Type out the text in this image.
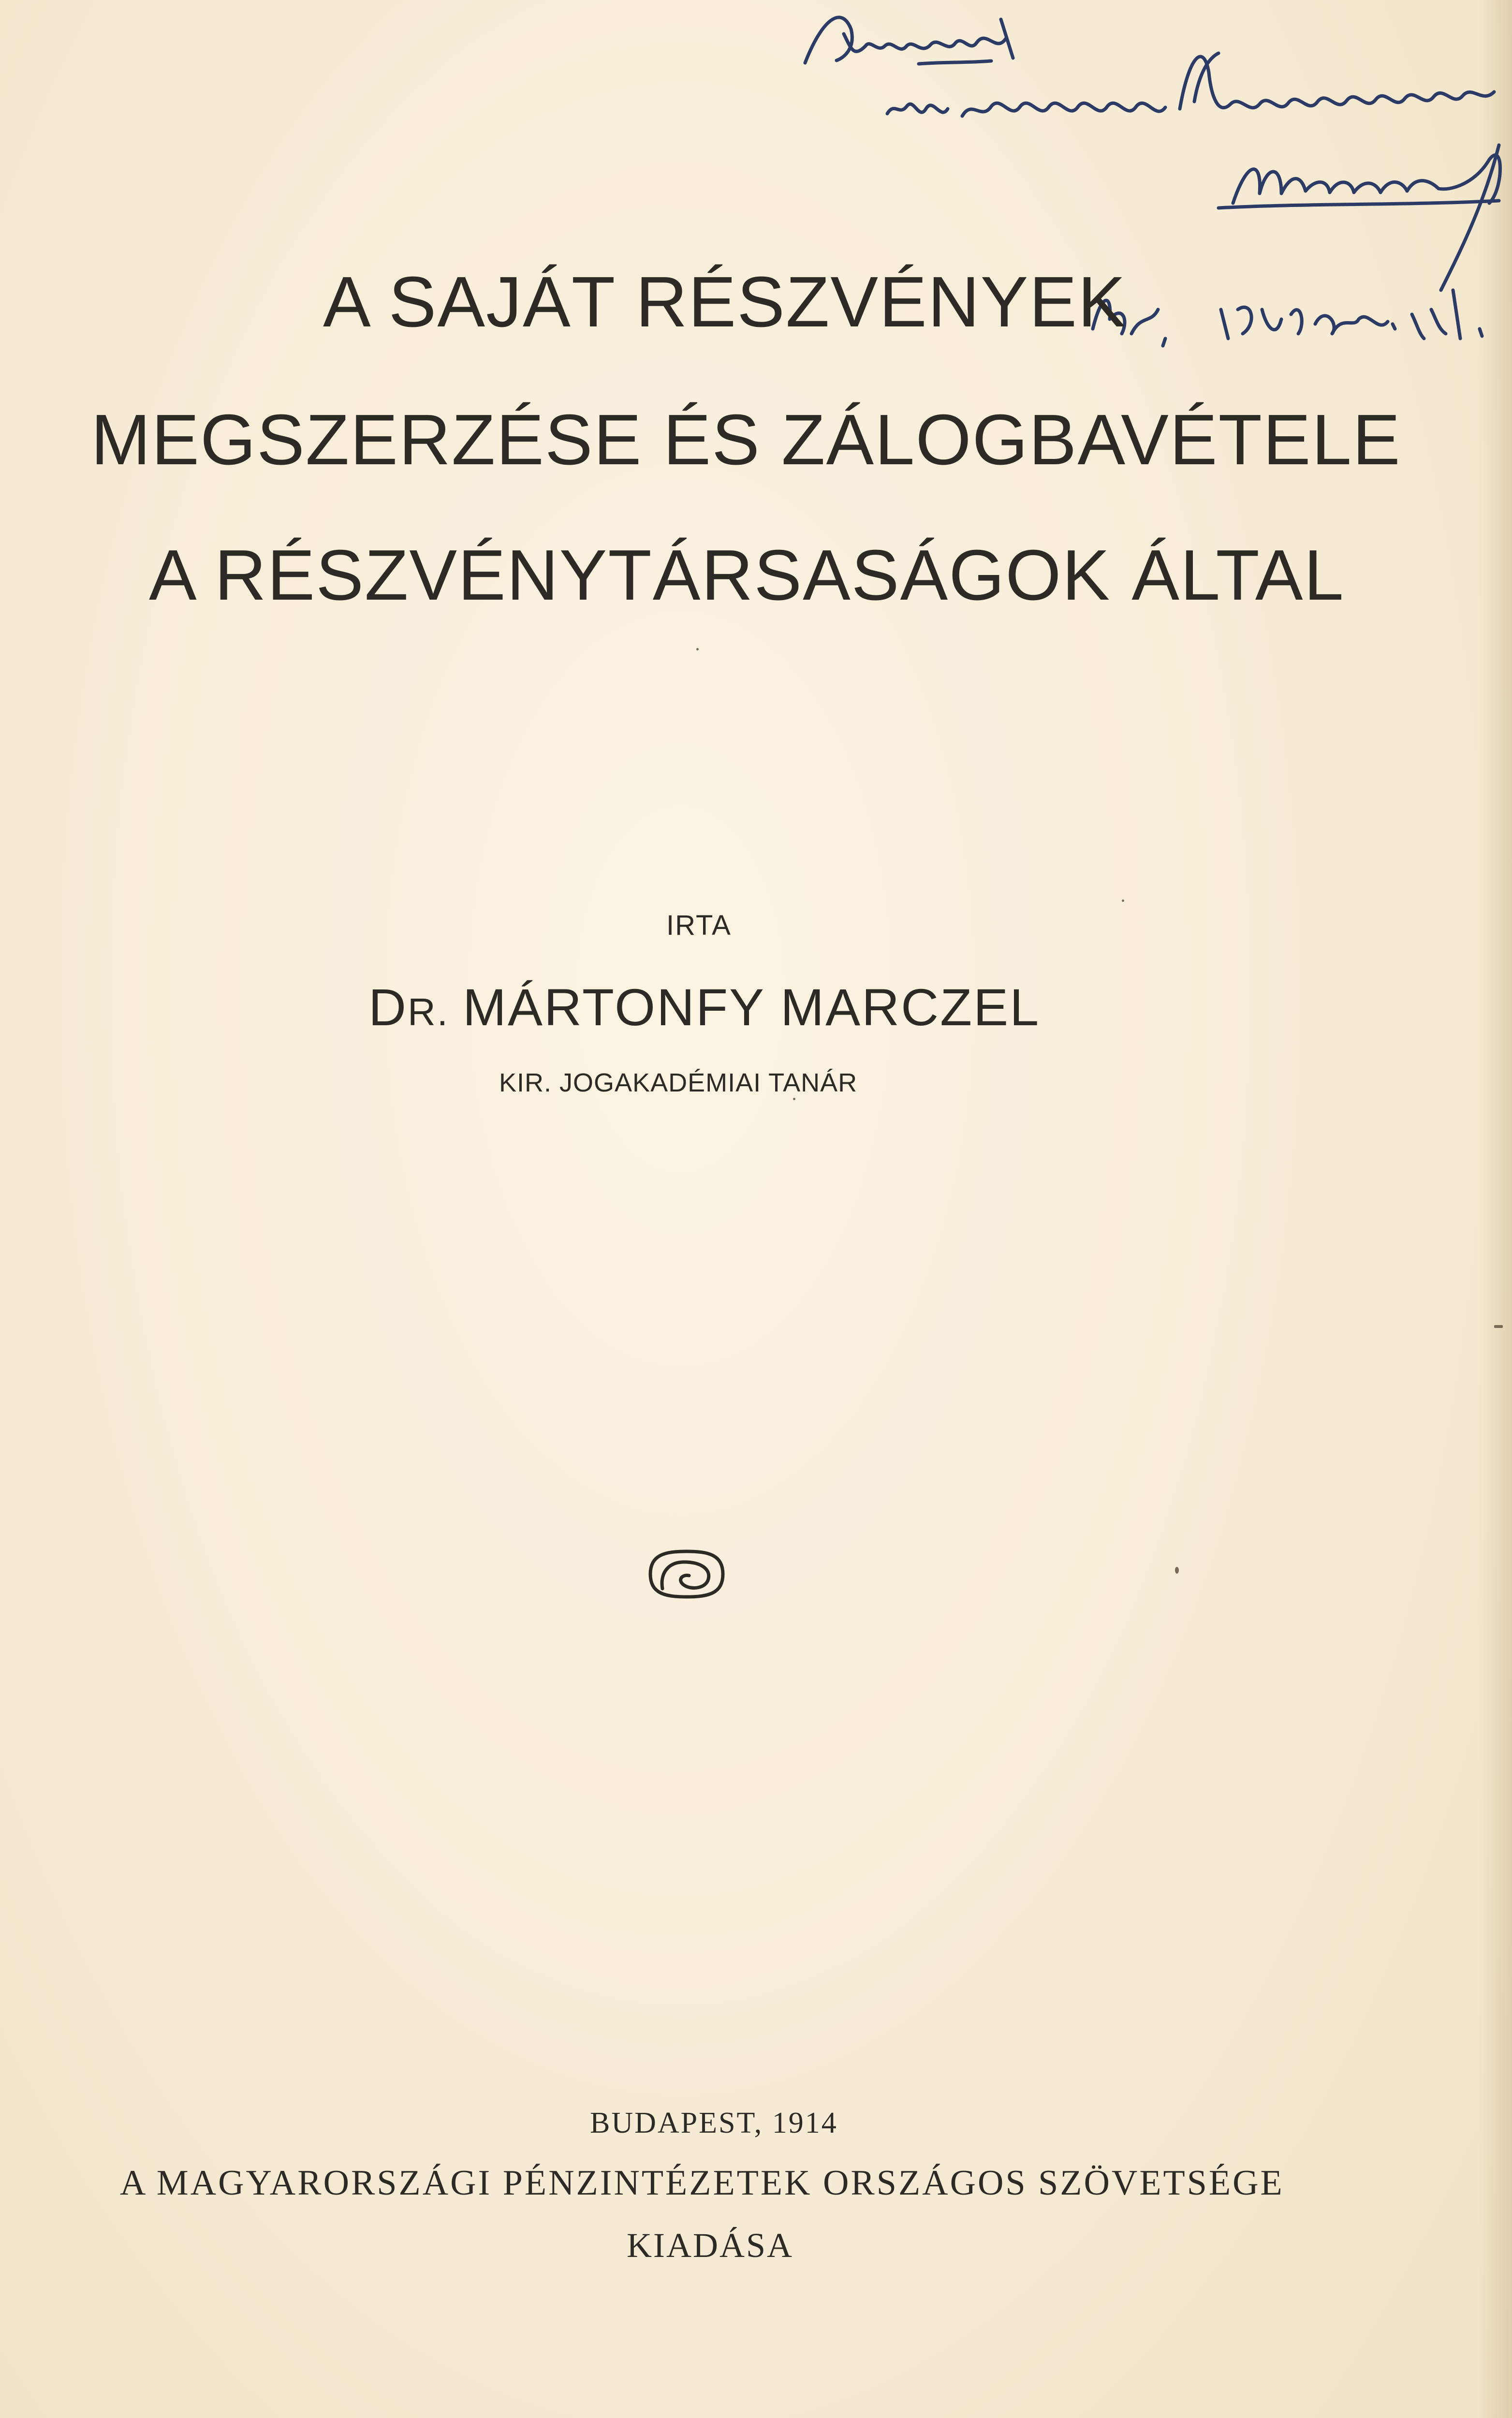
A SAJÁT RÉSZVÉNYEK
MEGSZERZÉSE ÉS ZÁLOGBAVÉTELE
A RÉSZVÉNYTÁRSASÁGOK ÁLTAL
IRTA
DR. MÁRTONFY MARCZEL
KIR. JOGAKADÉMIAI TANÁR
BUDAPEST, 1914
A MAGYARORSZÁGI PÉNZINTÉZETEK ORSZÁGOS SZÖVETSÉGE
KIADÁSA
